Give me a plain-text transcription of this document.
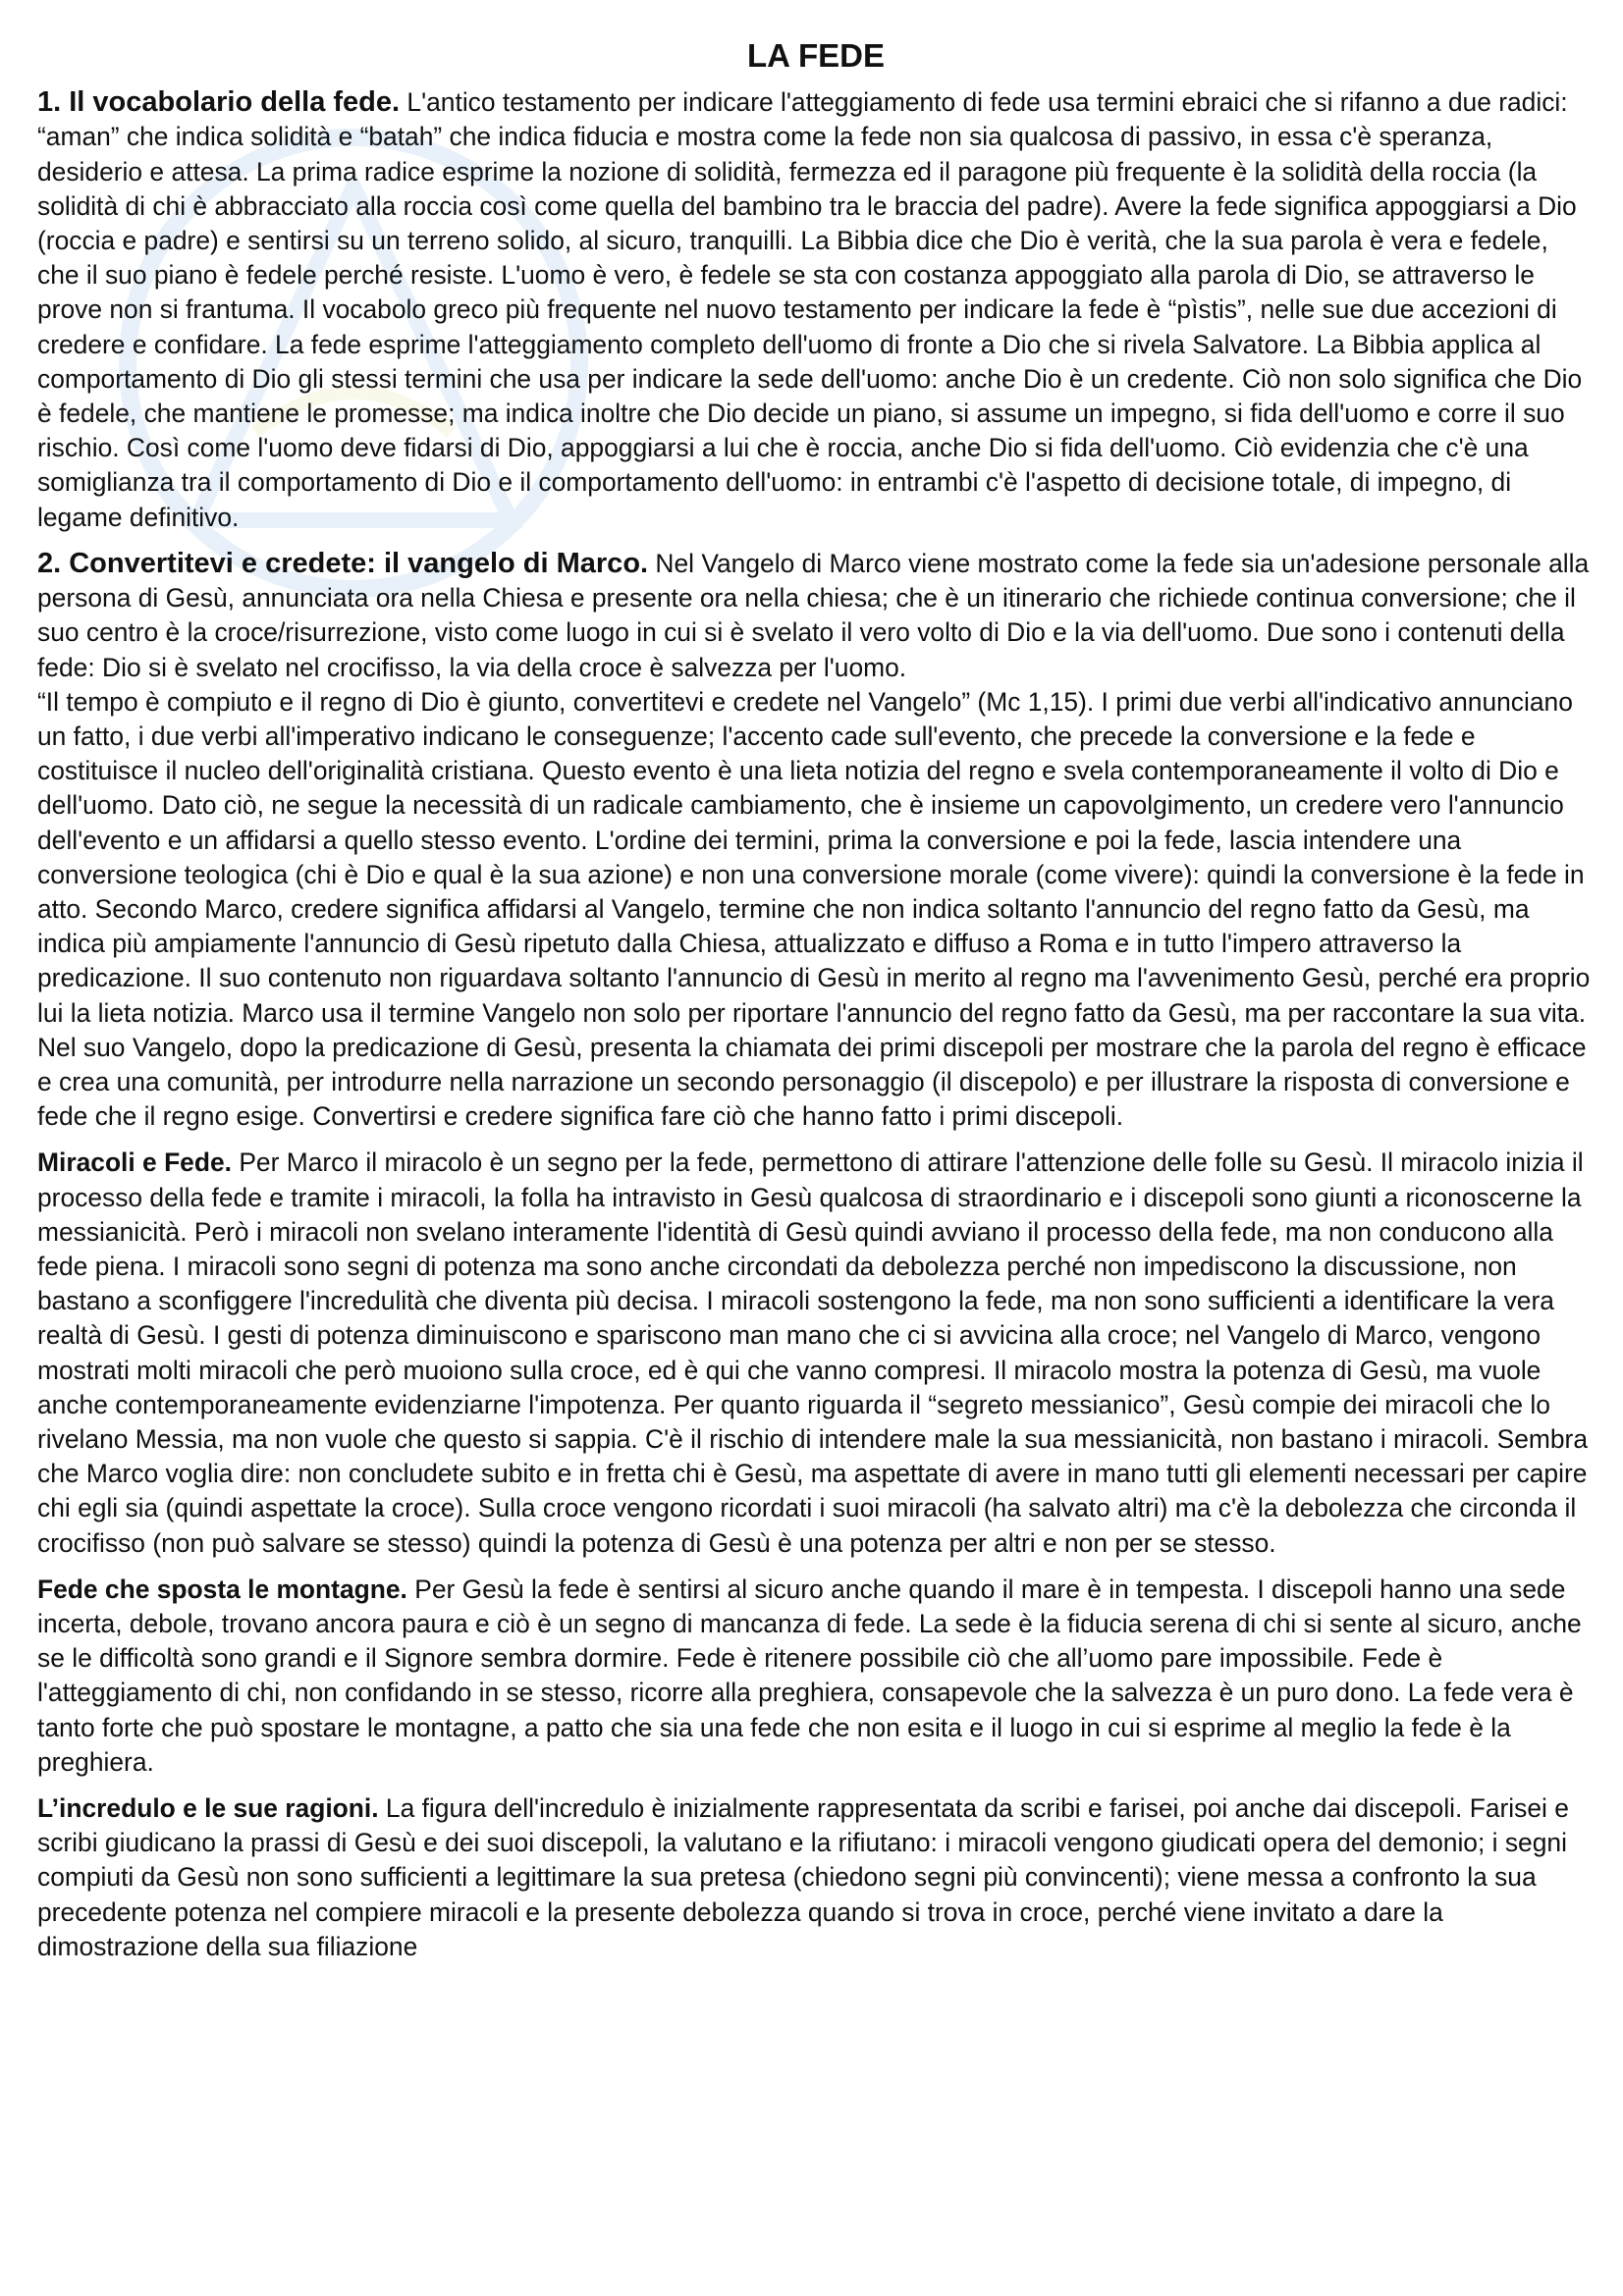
LA FEDE

1. Il vocabolario della fede. L'antico testamento per indicare l'atteggiamento di fede usa termini ebraici che si rifanno a due radici: “aman” che indica solidità e “batah” che indica fiducia e mostra come la fede non sia qualcosa di passivo, in essa c'è speranza, desiderio e attesa. La prima radice esprime la nozione di solidità, fermezza ed il paragone più frequente è la solidità della roccia (la solidità di chi è abbracciato alla roccia così come quella del bambino tra le braccia del padre). Avere la fede significa appoggiarsi a Dio (roccia e padre) e sentirsi su un terreno solido, al sicuro, tranquilli. La Bibbia dice che Dio è verità, che la sua parola è vera e fedele, che il suo piano è fedele perché resiste. L'uomo è vero, è fedele se sta con costanza appoggiato alla parola di Dio, se attraverso le prove non si frantuma. Il vocabolo greco più frequente nel nuovo testamento per indicare la fede è “pìstis”, nelle sue due accezioni di credere e confidare. La fede esprime l'atteggiamento completo dell'uomo di fronte a Dio che si rivela Salvatore. La Bibbia applica al comportamento di Dio gli stessi termini che usa per indicare la sede dell'uomo: anche Dio è un credente. Ciò non solo significa che Dio è fedele, che mantiene le promesse; ma indica inoltre che Dio decide un piano, si assume un impegno, si fida dell'uomo e corre il suo rischio. Così come l'uomo deve fidarsi di Dio, appoggiarsi a lui che è roccia, anche Dio si fida dell'uomo. Ciò evidenzia che c'è una somiglianza tra il comportamento di Dio e il comportamento dell'uomo: in entrambi c'è l'aspetto di decisione totale, di impegno, di legame definitivo.

2. Convertitevi e credete: il vangelo di Marco. Nel Vangelo di Marco viene mostrato come la fede sia un'adesione personale alla persona di Gesù, annunciata ora nella Chiesa e presente ora nella chiesa; che è un itinerario che richiede continua conversione; che il suo centro è la croce/risurrezione, visto come luogo in cui si è svelato il vero volto di Dio e la via dell'uomo. Due sono i contenuti della fede: Dio si è svelato nel crocifisso, la via della croce è salvezza per l'uomo.

“Il tempo è compiuto e il regno di Dio è giunto, convertitevi e credete nel Vangelo” (Mc 1,15). I primi due verbi all'indicativo annunciano un fatto, i due verbi all'imperativo indicano le conseguenze; l'accento cade sull'evento, che precede la conversione e la fede e costituisce il nucleo dell'originalità cristiana. Questo evento è una lieta notizia del regno e svela contemporaneamente il volto di Dio e dell'uomo. Dato ciò, ne segue la necessità di un radicale cambiamento, che è insieme un capovolgimento, un credere vero l'annuncio dell'evento e un affidarsi a quello stesso evento. L'ordine dei termini, prima la conversione e poi la fede, lascia intendere una conversione teologica (chi è Dio e qual è la sua azione) e non una conversione morale (come vivere): quindi la conversione è la fede in atto. Secondo Marco, credere significa affidarsi al Vangelo, termine che non indica soltanto l'annuncio del regno fatto da Gesù, ma indica più ampiamente l'annuncio di Gesù ripetuto dalla Chiesa, attualizzato e diffuso a Roma e in tutto l'impero attraverso la predicazione. Il suo contenuto non riguardava soltanto l'annuncio di Gesù in merito al regno ma l'avvenimento Gesù, perché era proprio lui la lieta notizia. Marco usa il termine Vangelo non solo per riportare l'annuncio del regno fatto da Gesù, ma per raccontare la sua vita. Nel suo Vangelo, dopo la predicazione di Gesù, presenta la chiamata dei primi discepoli per mostrare che la parola del regno è efficace e crea una comunità, per introdurre nella narrazione un secondo personaggio (il discepolo) e per illustrare la risposta di conversione e fede che il regno esige. Convertirsi e credere significa fare ciò che hanno fatto i primi discepoli.

Miracoli e Fede. Per Marco il miracolo è un segno per la fede, permettono di attirare l'attenzione delle folle su Gesù. Il miracolo inizia il processo della fede e tramite i miracoli, la folla ha intravisto in Gesù qualcosa di straordinario e i discepoli sono giunti a riconoscerne la messianicità. Però i miracoli non svelano interamente l'identità di Gesù quindi avviano il processo della fede, ma non conducono alla fede piena. I miracoli sono segni di potenza ma sono anche circondati da debolezza perché non impediscono la discussione, non bastano a sconfiggere l'incredulità che diventa più decisa. I miracoli sostengono la fede, ma non sono sufficienti a identificare la vera realtà di Gesù. I gesti di potenza diminuiscono e spariscono man mano che ci si avvicina alla croce; nel Vangelo di Marco, vengono mostrati molti miracoli che però muoiono sulla croce, ed è qui che vanno compresi. Il miracolo mostra la potenza di Gesù, ma vuole anche contemporaneamente evidenziarne l'impotenza. Per quanto riguarda il “segreto messianico”, Gesù compie dei miracoli che lo rivelano Messia, ma non vuole che questo si sappia. C'è il rischio di intendere male la sua messianicità, non bastano i miracoli. Sembra che Marco voglia dire: non concludete subito e in fretta chi è Gesù, ma aspettate di avere in mano tutti gli elementi necessari per capire chi egli sia (quindi aspettate la croce). Sulla croce vengono ricordati i suoi miracoli (ha salvato altri) ma c'è la debolezza che circonda il crocifisso (non può salvare se stesso) quindi la potenza di Gesù è una potenza per altri e non per se stesso.

Fede che sposta le montagne. Per Gesù la fede è sentirsi al sicuro anche quando il mare è in tempesta. I discepoli hanno una sede incerta, debole, trovano ancora paura e ciò è un segno di mancanza di fede. La sede è la fiducia serena di chi si sente al sicuro, anche se le difficoltà sono grandi e il Signore sembra dormire. Fede è ritenere possibile ciò che all’uomo pare impossibile. Fede è l'atteggiamento di chi, non confidando in se stesso, ricorre alla preghiera, consapevole che la salvezza è un puro dono. La fede vera è tanto forte che può spostare le montagne, a patto che sia una fede che non esita e il luogo in cui si esprime al meglio la fede è la preghiera.

L’incredulo e le sue ragioni. La figura dell'incredulo è inizialmente rappresentata da scribi e farisei, poi anche dai discepoli. Farisei e scribi giudicano la prassi di Gesù e dei suoi discepoli, la valutano e la rifiutano: i miracoli vengono giudicati opera del demonio; i segni compiuti da Gesù non sono sufficienti a legittimare la sua pretesa (chiedono segni più convincenti); viene messa a confronto la sua precedente potenza nel compiere miracoli e la presente debolezza quando si trova in croce, perché viene invitato a dare la dimostrazione della sua filiazione
